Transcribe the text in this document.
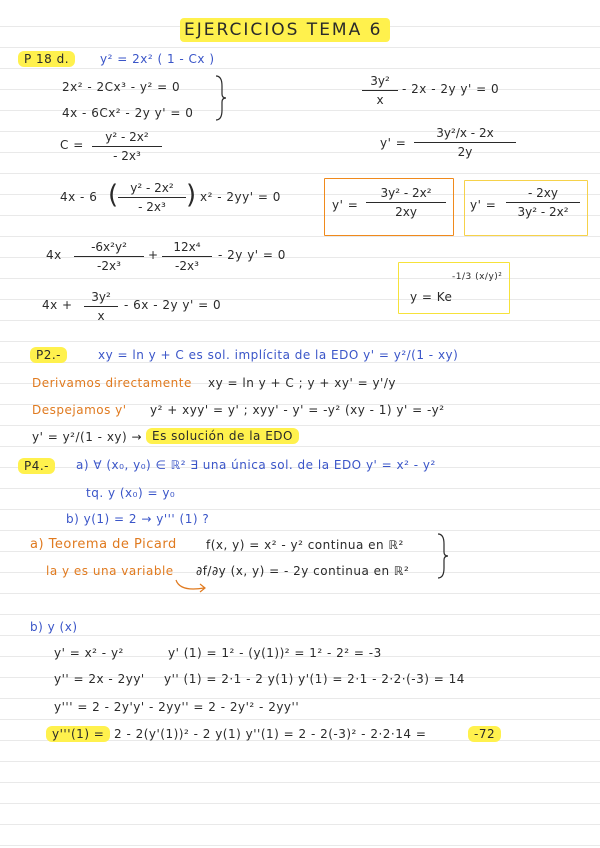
EJERCICIOS TEMA 6
P 18 d.	y² = 2x² ( 1 - Cx )
2x² - 2Cx³ - y² = 0
4x - 6Cx² - 2y y' = 0
C =
y² - 2x²
- 2x³
4x - 6 ( y² - 2x²
- 2x³ ) x² - 2yy' = 0
4x
-6x²y²
-2x³
+
12x⁴
-2x³
- 2y y' = 0
4x +
3y²
x
- 6x - 2y y' = 0
3y²
x
- 2x - 2y y' = 0
y' =
3y²/x - 2x
2y
y' =
3y² - 2x²
2xy	y' =
- 2xy
3y² - 2x²
y = Ke
-1/3 (x/y)²
P2.-	xy = ln y + C es sol. implícita de la EDO y' = y²/(1 - xy)
Derivamos directamente xy = ln y + C ; y + xy' = y'/y
Despejamos y' y² + xyy' = y' ; xyy' - y' = -y² (xy - 1) y' = -y²
y' = y²/(1 - xy) → Es solución de la EDO
P4.-	a) ∀ (x₀, y₀) ∈ ℝ² ∃ una única sol. de la EDO y' = x² - y²
tq. y (x₀) = y₀
b) y(1) = 2 → y''' (1) ?
a) Teorema de Picard f(x, y) = x² - y² continua en ℝ²
∂f/∂y (x, y) = - 2y continua en ℝ²
la y es una variable
b) y (x)
y' = x² - y²	y' (1) = 1² - (y(1))² = 1² - 2² = -3
y'' = 2x - 2yy' y'' (1) = 2·1 - 2 y(1) y'(1) = 2·1 - 2·2·(-3) = 14
y''' = 2 - 2y'y' - 2yy'' = 2 - 2y'² - 2yy''
y'''(1) = 2 - 2(y'(1))² - 2 y(1) y''(1) = 2 - 2(-3)² - 2·2·14 =	-72
